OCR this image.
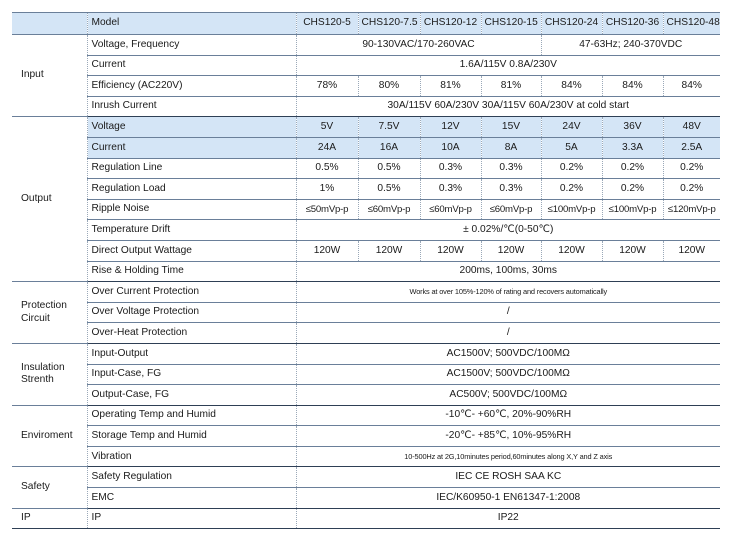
	Model	CHS120-5	CHS120-7.5	CHS120-12	CHS120-15	CHS120-24	CHS120-36	CHS120-48
Input	Voltage, Frequency	90-130VAC/170-260VAC				47-63Hz; 240-370VDC		
	Current	1.6A/115V 0.8A/230V						
	Efficiency (AC220V)	78%	80%	81%	81%	84%	84%	84%
	Inrush Current	30A/115V 60A/230V 30A/115V 60A/230V at cold start						
Output	Voltage	5V	7.5V	12V	15V	24V	36V	48V
	Current	24A	16A	10A	8A	5A	3.3A	2.5A
	Regulation Line	0.5%	0.5%	0.3%	0.3%	0.2%	0.2%	0.2%
	Regulation Load	1%	0.5%	0.3%	0.3%	0.2%	0.2%	0.2%
	Ripple Noise	≤50mVp-p	≤60mVp-p	≤60mVp-p	≤60mVp-p	≤100mVp-p	≤100mVp-p	≤120mVp-p
	Temperature Drift	± 0.02%/℃(0-50℃)						
	Direct Output Wattage	120W	120W	120W	120W	120W	120W	120W
	Rise & Holding Time	200ms, 100ms, 30ms						
Protection Circuit	Over Current Protection	Works at over 105%-120% of rating and recovers automatically						
	Over Voltage Protection	/						
	Over-Heat Protection	/						
Insulation Strenth	Input-Output	AC1500V; 500VDC/100MΩ						
	Input-Case, FG	AC1500V; 500VDC/100MΩ						
	Output-Case, FG	AC500V; 500VDC/100MΩ						
Enviroment	Operating Temp and Humid	-10℃- +60℃, 20%-90%RH						
	Storage Temp and Humid	-20℃- +85℃, 10%-95%RH						
	Vibration	10-500Hz at 2G,10minutes period,60minutes along X,Y and Z axis						
Safety	Safety Regulation	IEC CE ROSH SAA KC						
	EMC	IEC/K60950-1 EN61347-1:2008						
IP	IP	IP22						
